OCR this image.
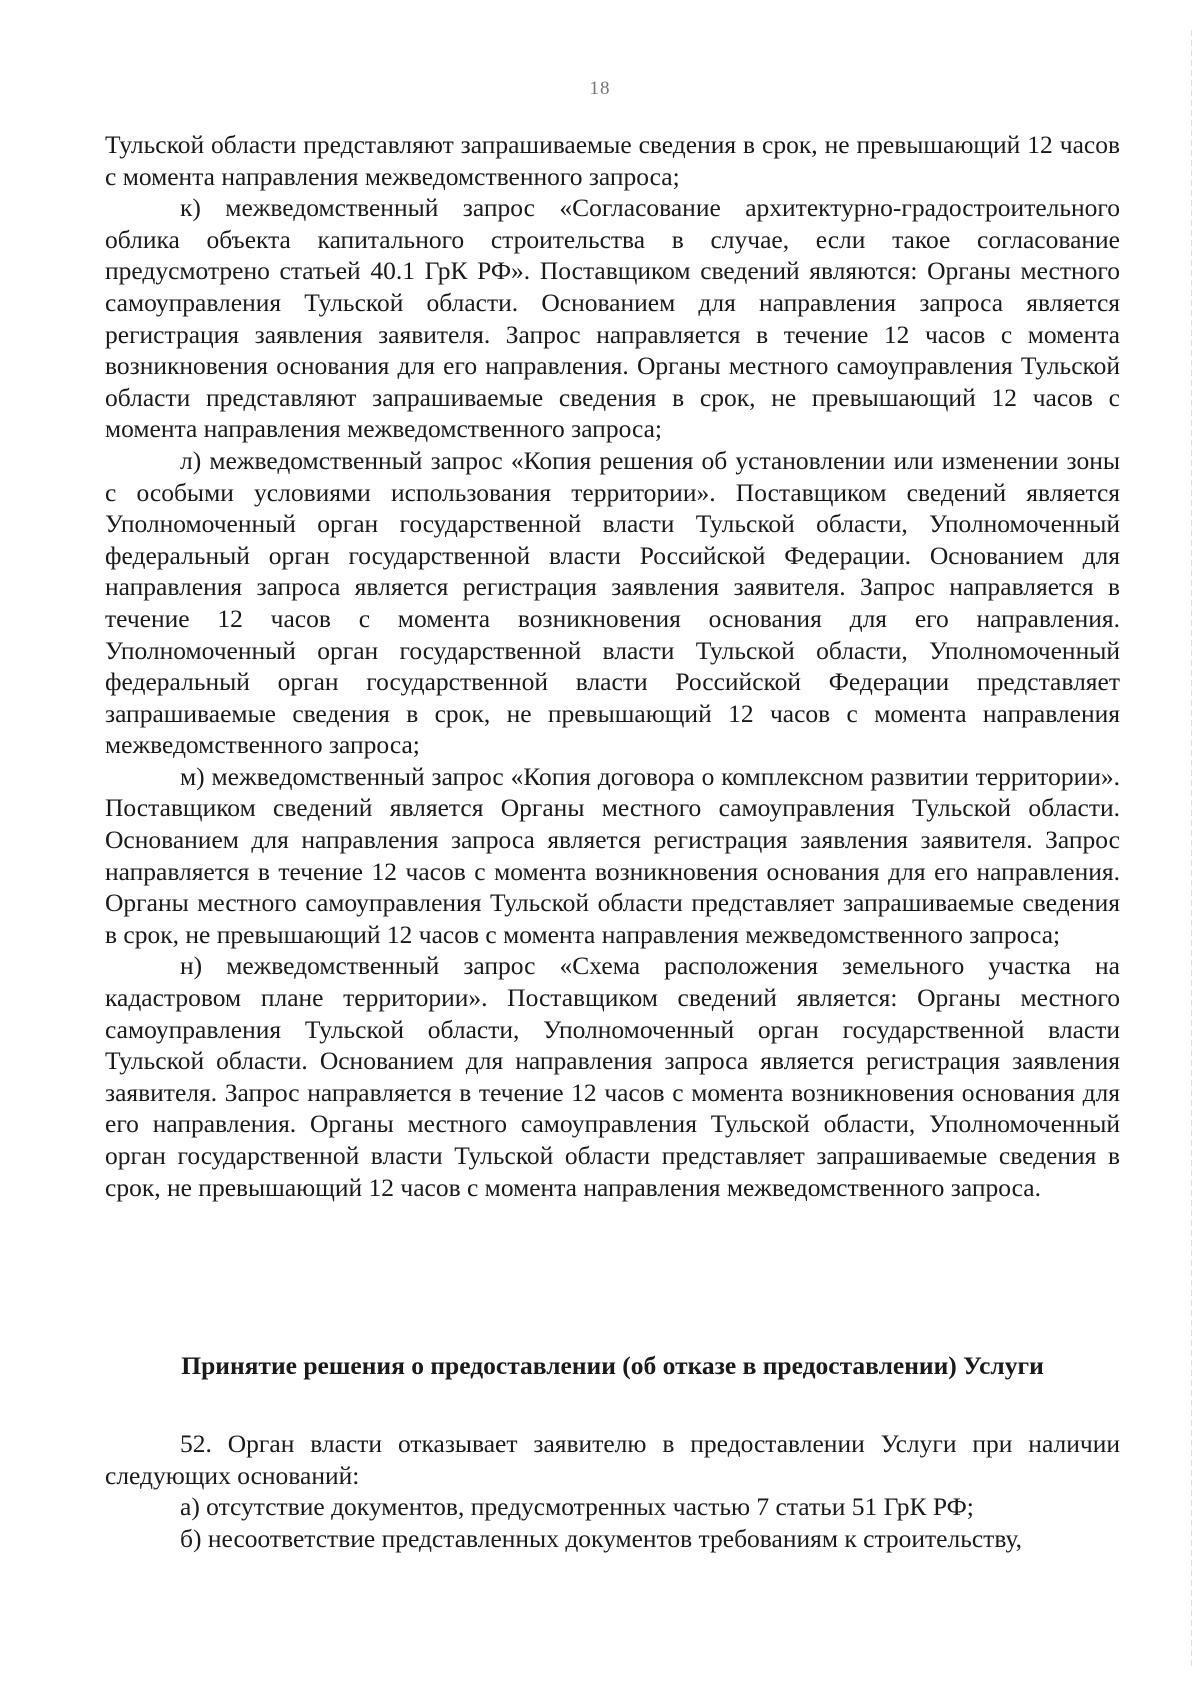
18

Тульской области представляют запрашиваемые сведения в срок, не превышающий 12 часов с момента направления межведомственного запроса;

к) межведомственный запрос «Согласование архитектурно-градостроительного облика объекта капитального строительства в случае, если такое согласование предусмотрено статьей 40.1 ГрК РФ». Поставщиком сведений являются: Органы местного самоуправления Тульской области. Основанием для направления запроса является регистрация заявления заявителя. Запрос направляется в течение 12 часов с момента возникновения основания для его направления. Органы местного самоуправления Тульской области представляют запрашиваемые сведения в срок, не превышающий 12 часов с момента направления межведомственного запроса;

л) межведомственный запрос «Копия решения об установлении или изменении зоны с особыми условиями использования территории». Поставщиком сведений является Уполномоченный орган государственной власти Тульской области, Уполномоченный федеральный орган государственной власти Российской Федерации. Основанием для направления запроса является регистрация заявления заявителя. Запрос направляется в течение 12 часов с момента возникновения основания для его направления. Уполномоченный орган государственной власти Тульской области, Уполномоченный федеральный орган государственной власти Российской Федерации представляет запрашиваемые сведения в срок, не превышающий 12 часов с момента направления межведомственного запроса;

м) межведомственный запрос «Копия договора о комплексном развитии территории». Поставщиком сведений является Органы местного самоуправления Тульской области. Основанием для направления запроса является регистрация заявления заявителя. Запрос направляется в течение 12 часов с момента возникновения основания для его направления. Органы местного самоуправления Тульской области представляет запрашиваемые сведения в срок, не превышающий 12 часов с момента направления межведомственного запроса;

н) межведомственный запрос «Схема расположения земельного участка на кадастровом плане территории». Поставщиком сведений является: Органы местного самоуправления Тульской области, Уполномоченный орган государственной власти Тульской области. Основанием для направления запроса является регистрация заявления заявителя. Запрос направляется в течение 12 часов с момента возникновения основания для его направления. Органы местного самоуправления Тульской области, Уполномоченный орган государственной власти Тульской области представляет запрашиваемые сведения в срок, не превышающий 12 часов с момента направления межведомственного запроса.

Принятие решения о предоставлении (об отказе в предоставлении) Услуги

52. Орган власти отказывает заявителю в предоставлении Услуги при наличии следующих оснований:

а) отсутствие документов, предусмотренных частью 7 статьи 51 ГрК РФ;

б) несоответствие представленных документов требованиям к строительству,
